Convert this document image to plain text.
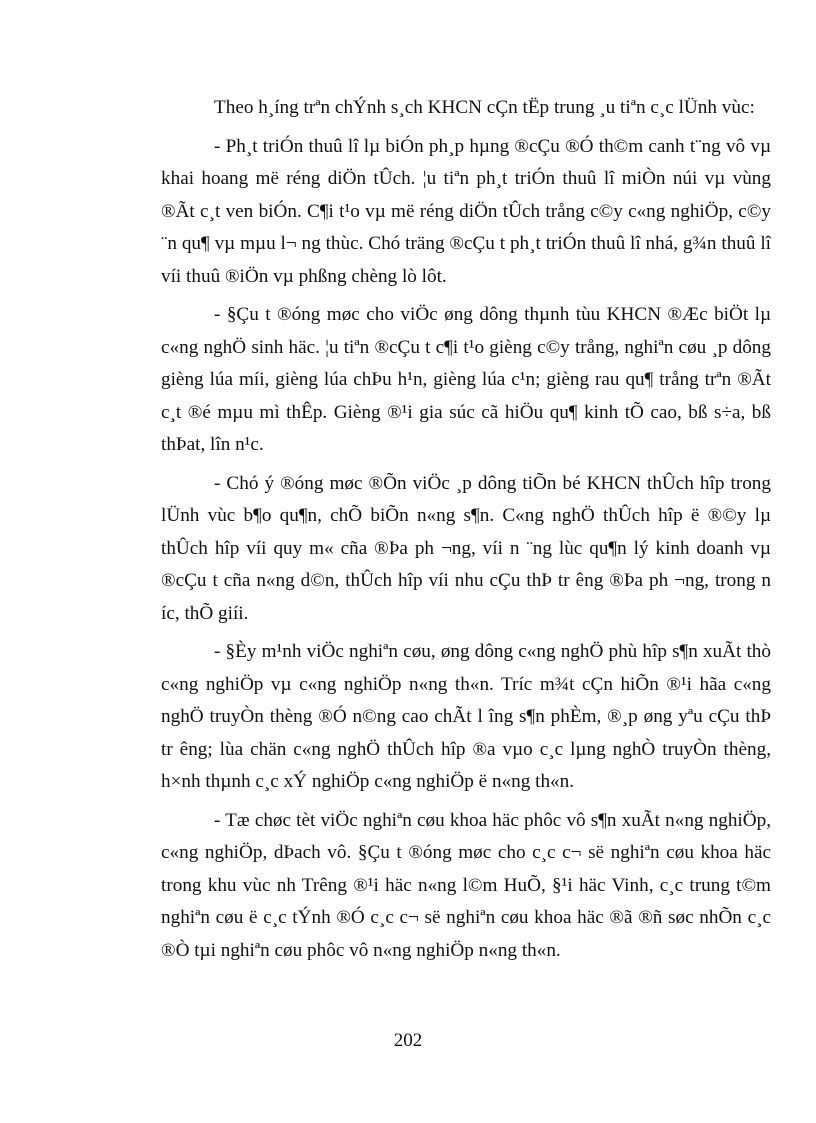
Theo h¸íng trªn chÝnh s¸ch KHCN cÇn tËp trung ¸u tiªn c¸c lÜnh vùc:

- Ph¸t triÓn thuû lî lµ biÓn ph¸p hµng ®cÇu ®Ó th©m canh t¨ng vô vµ khai hoang më réng diÖn tÛch. ¦u tiªn ph¸t triÓn thuû lî miÒn núi vµ vùng ®Ãt c¸t ven biÓn. C¶i t¹o vµ më réng diÖn tÛch trång c©y c«ng nghiÖp, c©y ¨n qu¶ vµ mµu l¬ ng thùc. Chó träng ®cÇu t ph¸t triÓn thuû lî nhá, g¾n thuû lî víi thuû ®iÖn vµ phßng chèng lò lôt.

- §Çu t ®óng møc cho viÖc øng dông thµnh tùu KHCN ®Æc biÖt lµ c«ng nghÖ sinh häc. ¦u tiªn ®cÇu t c¶i t¹o gièng c©y trång, nghiªn cøu ¸p dông gièng lúa míi, gièng lúa chÞu h¹n, gièng lúa c¹n; gièng rau qu¶ trång trªn ®Ãt c¸t ®é mµu mì thÊp. Gièng ®¹i gia súc cã hiÖu qu¶ kinh tÕ cao, bß s÷a, bß thÞat, lîn n¹c.

- Chó ý ®óng møc ®Õn viÖc ¸p dông tiÕn bé KHCN thÛch hîp trong lÜnh vùc b¶o qu¶n, chÕ biÕn n«ng s¶n. C«ng nghÖ thÛch hîp ë ®©y lµ thÛch hîp víi quy m« cña ®Þa ph ¬ng, víi n ¨ng lùc qu¶n lý kinh doanh vµ ®cÇu t cña n«ng d©n, thÛch hîp víi nhu cÇu thÞ tr êng ®Þa ph ¬ng, trong n íc, thÕ giíi.

- §Èy m¹nh viÖc nghiªn cøu, øng dông c«ng nghÖ phù hîp s¶n xuÃt thò c«ng nghiÖp vµ c«ng nghiÖp n«ng th«n. Tríc m¾t cÇn hiÕn ®¹i hãa c«ng nghÖ truyÒn thèng ®Ó n©ng cao chÃt l îng s¶n phÈm, ®¸p øng yªu cÇu thÞ tr êng; lùa chän c«ng nghÖ thÛch hîp ®a vµo c¸c lµng nghÒ truyÒn thèng, h×nh thµnh c¸c xÝ nghiÖp c«ng nghiÖp ë n«ng th«n.

- Tæ chøc tèt viÖc nghiªn cøu khoa häc phôc vô s¶n xuÃt n«ng nghiÖp, c«ng nghiÖp, dÞach vô. §Çu t ®óng møc cho c¸c c¬ së nghiªn cøu khoa häc trong khu vùc nh Trêng ®¹i häc n«ng l©m HuÕ, §¹i häc Vinh, c¸c trung t©m nghiªn cøu ë c¸c tÝnh ®Ó c¸c c¬ së nghiªn cøu khoa häc ®ã ®ñ søc nhÕn c¸c ®Ò tµi nghiªn cøu phôc vô n«ng nghiÖp n«ng th«n.

202
